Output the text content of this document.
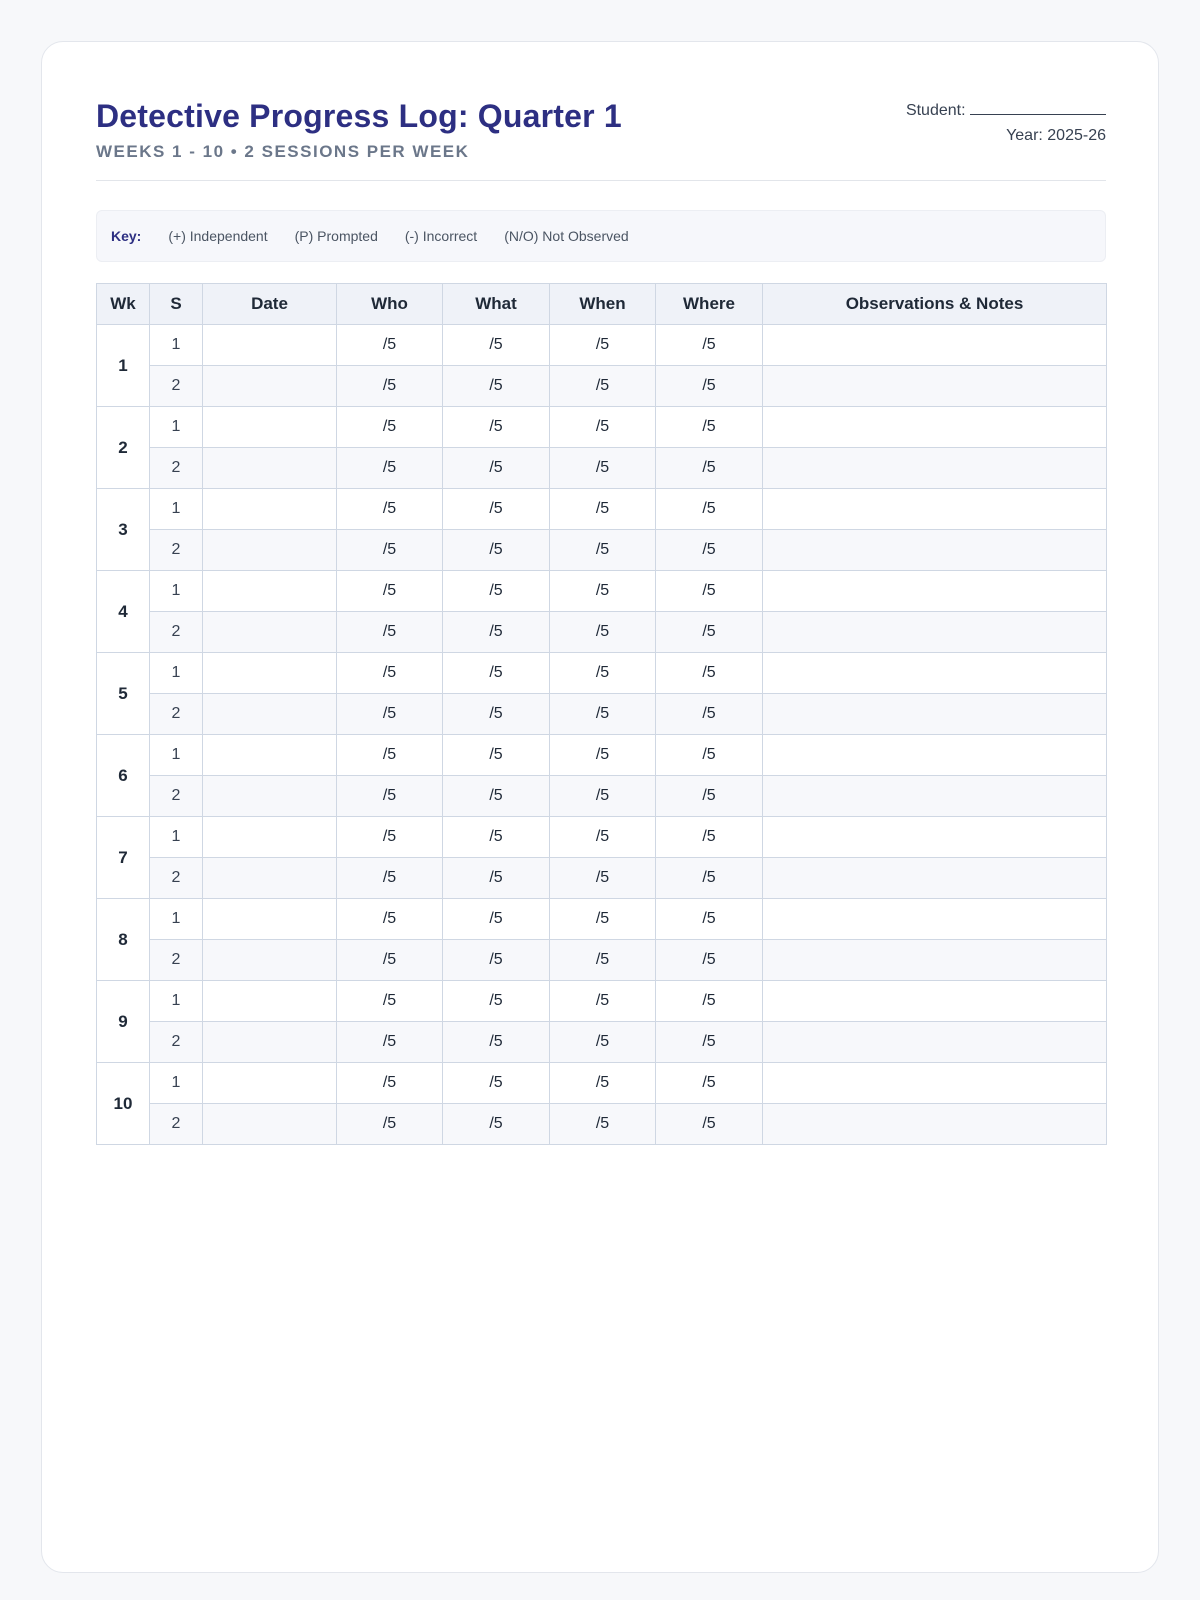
Detective Progress Log: Quarter 1
WEEKS 1 - 10 • 2 SESSIONS PER WEEK
Student:
Year: 2025-26
Key: (+) Independent (P) Prompted (-) Incorrect (N/O) Not Observed
Wk	S	Date	Who	What	When	Where	Observations & Notes
1	1		/5	/5	/5	/5	
	2		/5	/5	/5	/5	
2	1		/5	/5	/5	/5	
	2		/5	/5	/5	/5	
3	1		/5	/5	/5	/5	
	2		/5	/5	/5	/5	
4	1		/5	/5	/5	/5	
	2		/5	/5	/5	/5	
5	1		/5	/5	/5	/5	
	2		/5	/5	/5	/5	
6	1		/5	/5	/5	/5	
	2		/5	/5	/5	/5	
7	1		/5	/5	/5	/5	
	2		/5	/5	/5	/5	
8	1		/5	/5	/5	/5	
	2		/5	/5	/5	/5	
9	1		/5	/5	/5	/5	
	2		/5	/5	/5	/5	
10	1		/5	/5	/5	/5	
	2		/5	/5	/5	/5	
